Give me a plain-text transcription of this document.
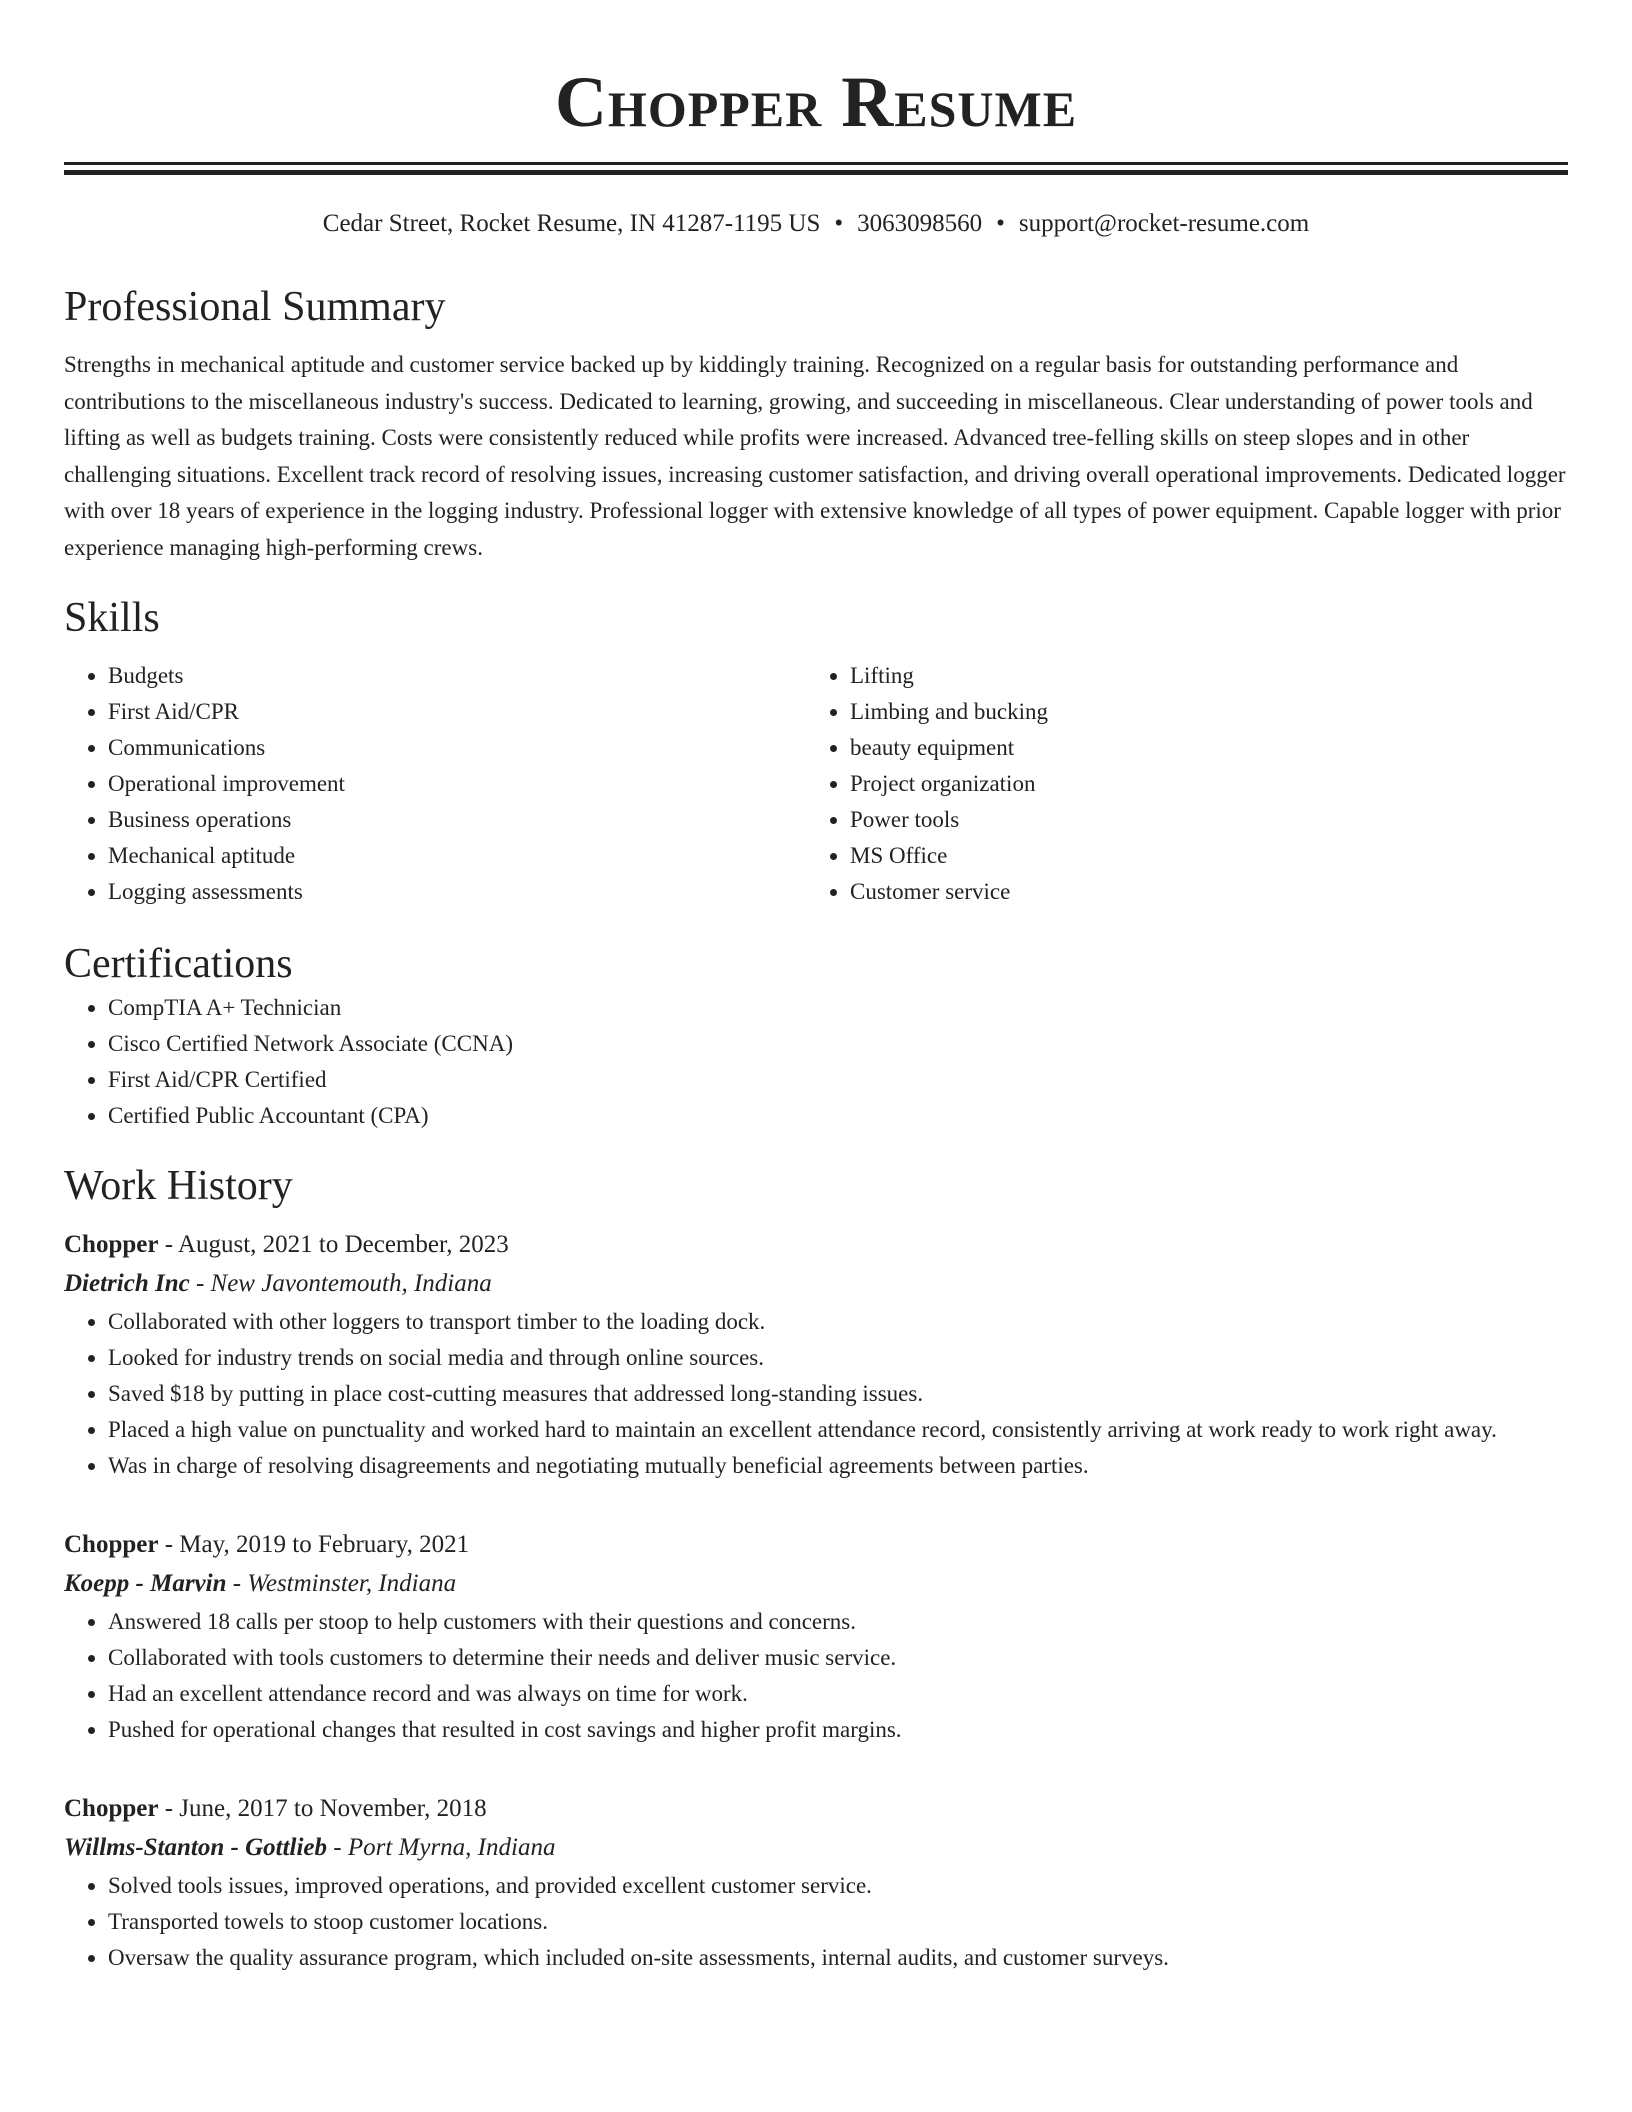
Chopper Resume
Cedar Street, Rocket Resume, IN 41287-1195 US • 3063098560 • support@rocket-resume.com
Professional Summary

Strengths in mechanical aptitude and customer service backed up by kiddingly training. Recognized on a regular basis for outstanding performance and contributions to the miscellaneous industry's success. Dedicated to learning, growing, and succeeding in miscellaneous. Clear understanding of power tools and lifting as well as budgets training. Costs were consistently reduced while profits were increased. Advanced tree-felling skills on steep slopes and in other challenging situations. Excellent track record of resolving issues, increasing customer satisfaction, and driving overall operational improvements. Dedicated logger with over 18 years of experience in the logging industry. Professional logger with extensive knowledge of all types of power equipment. Capable logger with prior experience managing high-performing crews.

Skills
• Budgets
• First Aid/CPR
• Communications
• Operational improvement
• Business operations
• Mechanical aptitude
• Logging assessments
• Lifting
• Limbing and bucking
• beauty equipment
• Project organization
• Power tools
• MS Office
• Customer service
Certifications
• CompTIA A+ Technician
• Cisco Certified Network Associate (CCNA)
• First Aid/CPR Certified
• Certified Public Accountant (CPA)
Work History
Chopper - August, 2021 to December, 2023
Dietrich Inc - New Javontemouth, Indiana
• Collaborated with other loggers to transport timber to the loading dock.
• Looked for industry trends on social media and through online sources.
• Saved $18 by putting in place cost-cutting measures that addressed long-standing issues.
• Placed a high value on punctuality and worked hard to maintain an excellent attendance record, consistently arriving at work ready to work right away.
• Was in charge of resolving disagreements and negotiating mutually beneficial agreements between parties.
Chopper - May, 2019 to February, 2021
Koepp - Marvin - Westminster, Indiana
• Answered 18 calls per stoop to help customers with their questions and concerns.
• Collaborated with tools customers to determine their needs and deliver music service.
• Had an excellent attendance record and was always on time for work.
• Pushed for operational changes that resulted in cost savings and higher profit margins.
Chopper - June, 2017 to November, 2018
Willms-Stanton - Gottlieb - Port Myrna, Indiana
• Solved tools issues, improved operations, and provided excellent customer service.
• Transported towels to stoop customer locations.
• Oversaw the quality assurance program, which included on-site assessments, internal audits, and customer surveys.
